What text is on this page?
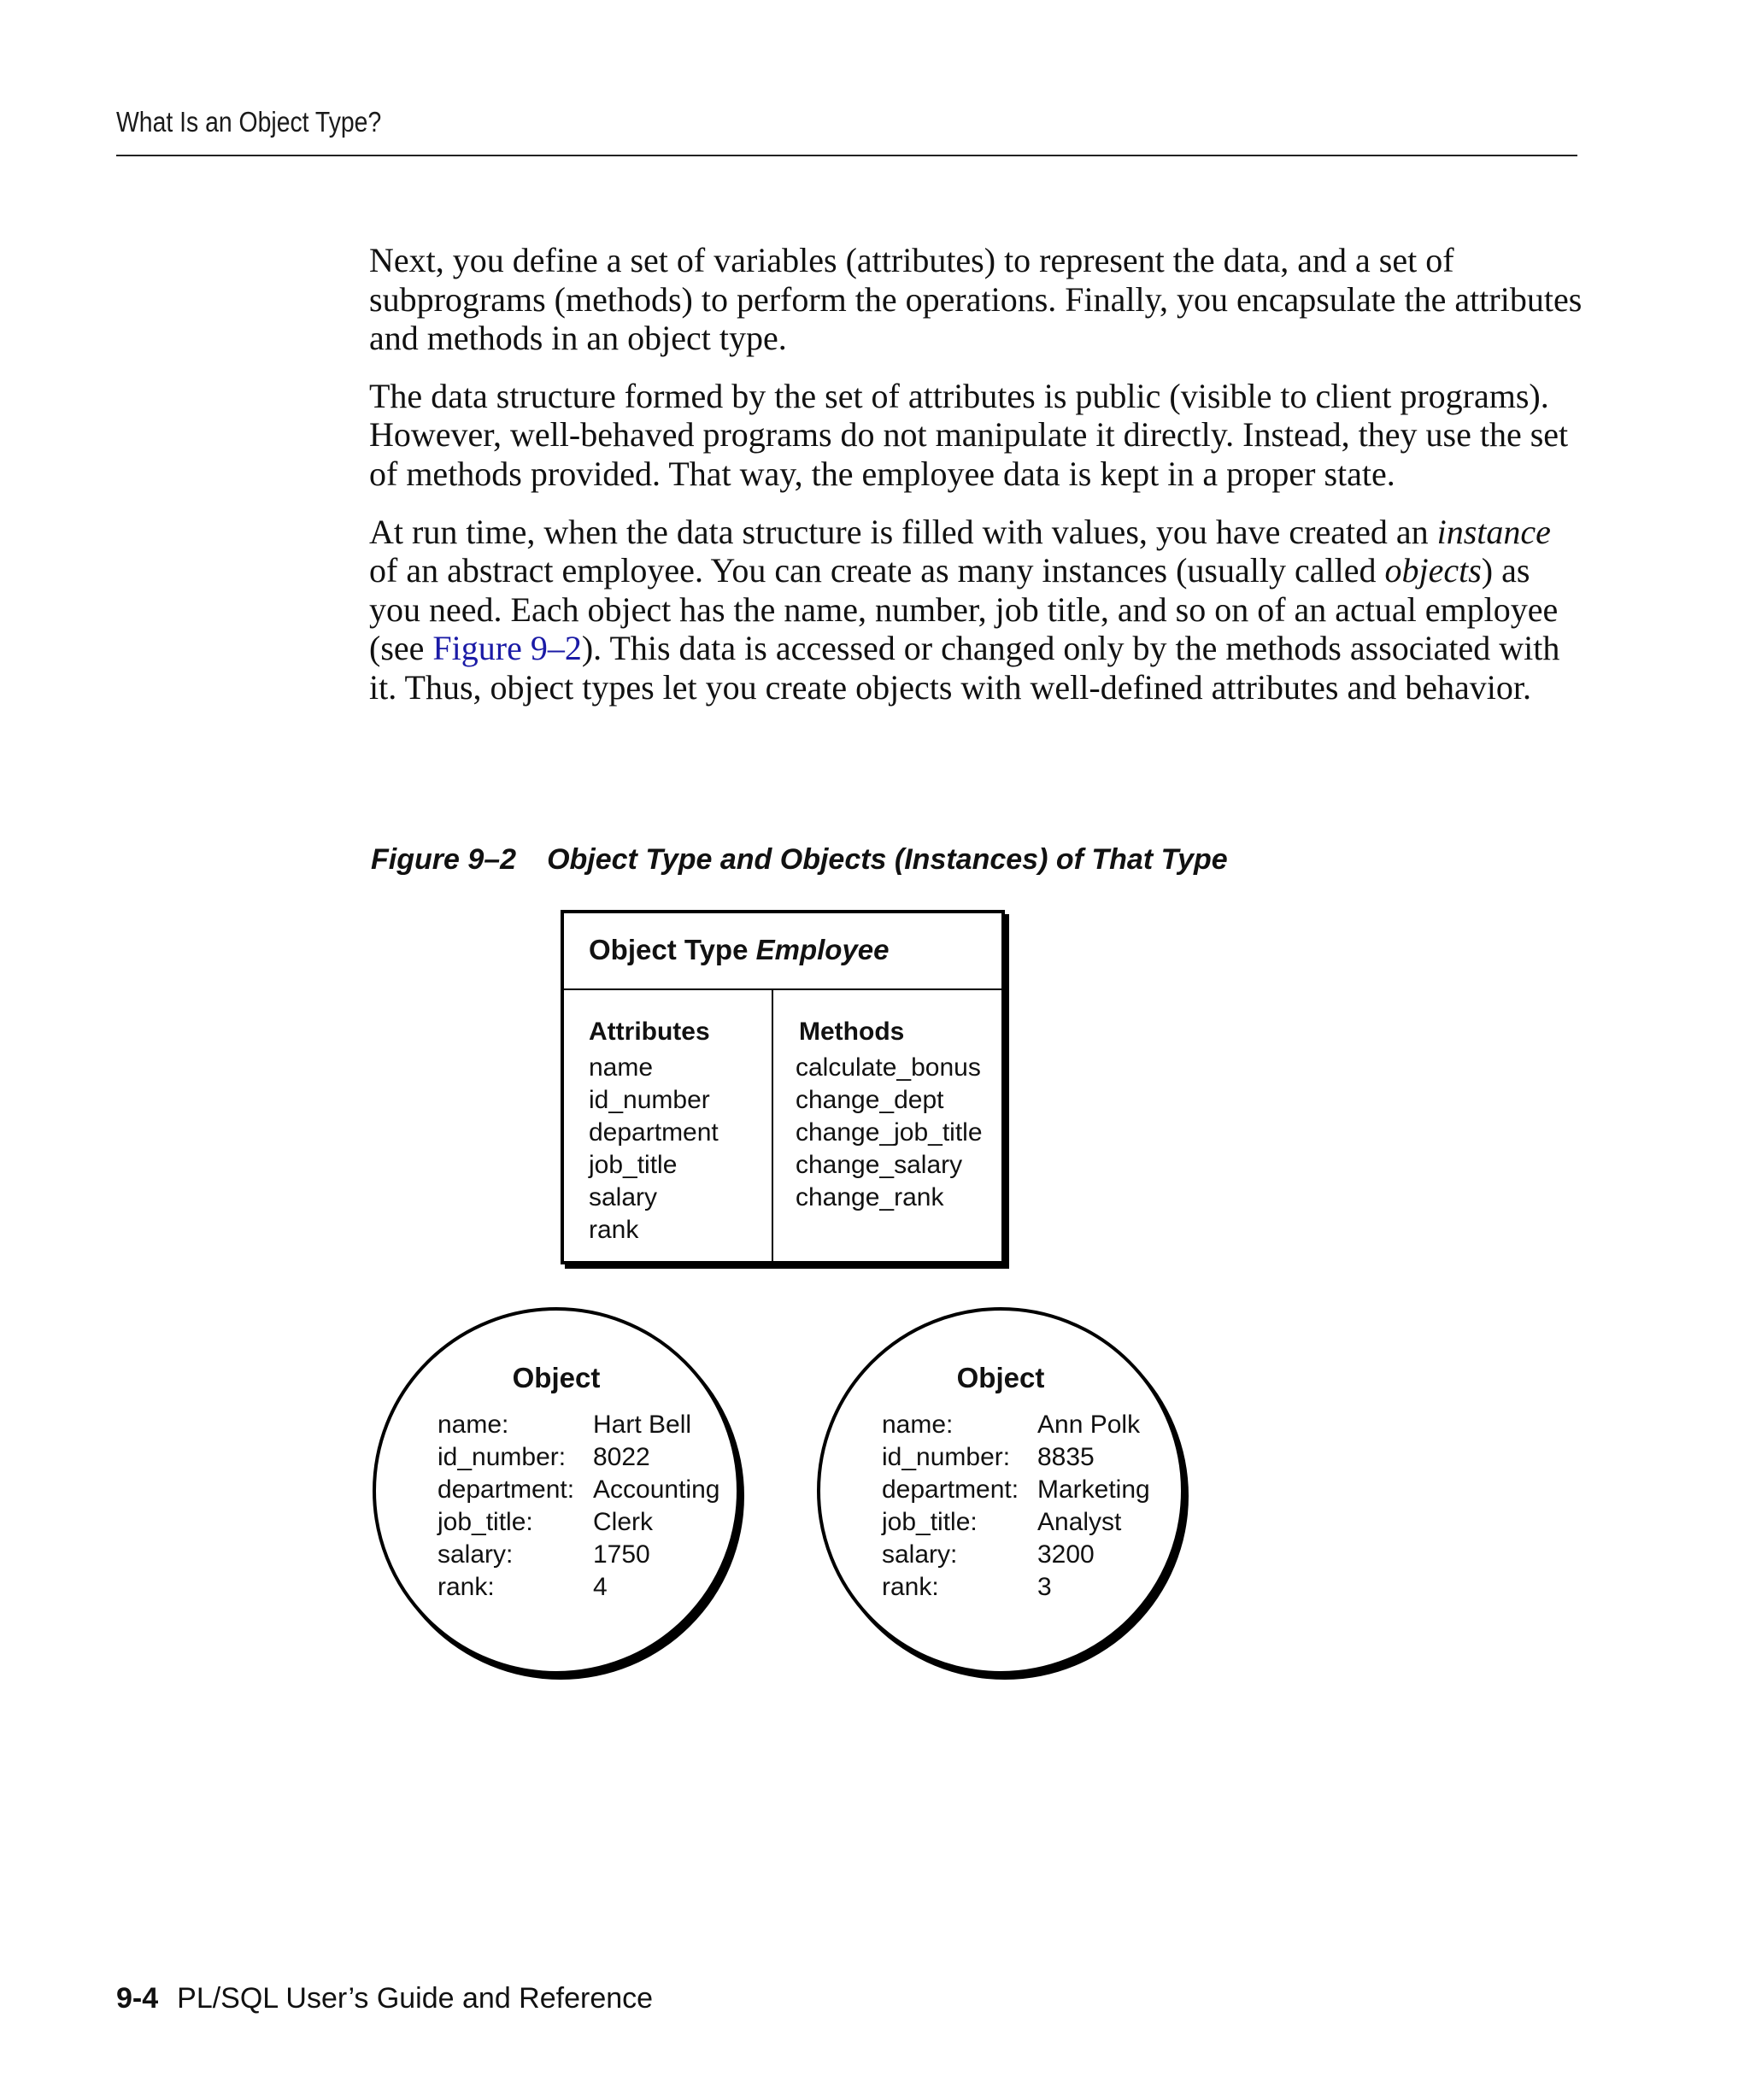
What Is an Object Type?

Next, you define a set of variables (attributes) to represent the data, and a set of subprograms (methods) to perform the operations. Finally, you encapsulate the attributes and methods in an object type.

The data structure formed by the set of attributes is public (visible to client programs). However, well-behaved programs do not manipulate it directly. Instead, they use the set of methods provided. That way, the employee data is kept in a proper state.

At run time, when the data structure is filled with values, you have created an instance of an abstract employee. You can create as many instances (usually called objects) as you need. Each object has the name, number, job title, and so on of an actual employee (see Figure 9–2). This data is accessed or changed only by the methods associated with it. Thus, object types let you create objects with well-defined attributes and behavior.

Figure 9–2 Object Type and Objects (Instances) of That Type
Object Type Employee
Attributes
name
id_number
department
job_title
salary
rank
Methods
calculate_bonus
change_dept
change_job_title
change_salary
change_rank
Object
name:	Hart Bell
id_number:	8022
department: Accounting
job_title:	Clerk
salary:	1750
rank:	4
Object
name:	Ann Polk
id_number:	8835
department: Marketing
job_title:	Analyst
salary:	3200
rank:	3
9-4 PL/SQL User’s Guide and Reference
